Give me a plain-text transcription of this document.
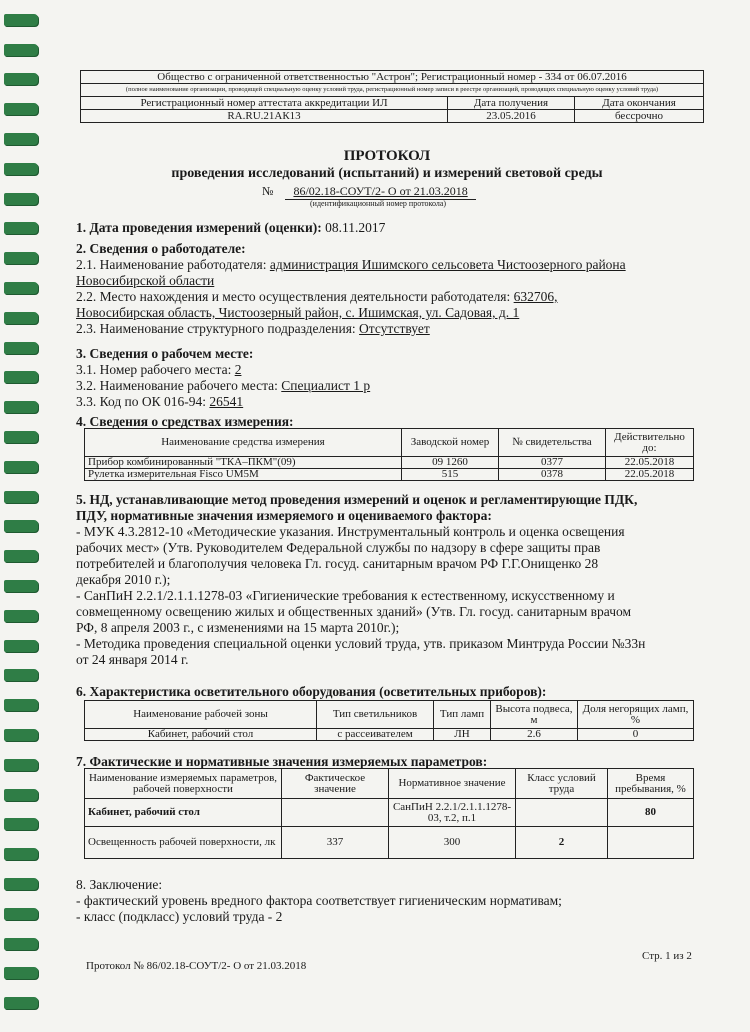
Общество с ограниченной ответственностью "Астрон"; Регистрационный номер - 334 от 06.07.2016		
(полное наименование организации, проводящей специальную оценку условий труда, регистрационный номер записи в реестре организаций, проводящих специальную оценку условий труда)		
Регистрационный номер аттестата аккредитации ИЛ	Дата получения	Дата окончания
RA.RU.21АК13	23.05.2016	бессрочно
ПРОТОКОЛ
проведения исследований (испытаний) и измерений световой среды
№ 86/02.18-СОУТ/2- О от 21.03.2018
(идентификационный номер протокола)
1. Дата проведения измерений (оценки): 08.11.2017
2. Сведения о работодателе:
2.1. Наименование работодателя: администрация Ишимского сельсовета Чистоозерного района
Новосибирской области
2.2. Место нахождения и место осуществления деятельности работодателя: 632706,
Новосибирская область, Чистоозерный район, с. Ишимская, ул. Садовая, д. 1
2.3. Наименование структурного подразделения: Отсутствует
3. Сведения о рабочем месте:
3.1. Номер рабочего места: 2
3.2. Наименование рабочего места: Специалист 1 р
3.3. Код по ОК 016-94: 26541
4. Сведения о средствах измерения:
Наименование средства измерения	Заводской номер	№ свидетельства	Действительно до:
Прибор комбинированный "ТКА–ПКМ"(09)	09 1260	0377	22.05.2018
Рулетка измерительная Fisco UM5M	515	0378	22.05.2018
5. НД, устанавливающие метод проведения измерений и оценок и регламентирующие ПДК,
ПДУ, нормативные значения измеряемого и оцениваемого фактора:
- МУК 4.3.2812-10 «Методические указания. Инструментальный контроль и оценка освещения
рабочих мест» (Утв. Руководителем Федеральной службы по надзору в сфере защиты прав
потребителей и благополучия человека Гл. госуд. санитарным врачом РФ Г.Г.Онищенко 28
декабря 2010 г.);
- СанПиН 2.2.1/2.1.1.1278-03 «Гигиенические требования к естественному, искусственному и
совмещенному освещению жилых и общественных зданий» (Утв. Гл. госуд. санитарным врачом
РФ, 8 апреля 2003 г., с изменениями на 15 марта 2010г.);
- Методика проведения специальной оценки условий труда, утв. приказом Минтруда России №33н
от 24 января 2014 г.
6. Характеристика осветительного оборудования (осветительных приборов):
Наименование рабочей зоны	Тип светильников	Тип ламп	Высота подвеса, м	Доля негорящих ламп, %
Кабинет, рабочий стол	с рассеивателем	ЛН	2.6	0
7. Фактические и нормативные значения измеряемых параметров:
Наименование измеряемых параметров, рабочей поверхности	Фактическое значение	Нормативное значение	Класс условий труда	Время пребывания, %
Кабинет, рабочий стол		СанПиН 2.2.1/2.1.1.1278-03, т.2, п.1		80
Освещенность рабочей поверхности, лк	337	300	2	
8. Заключение:
- фактический уровень вредного фактора соответствует гигиеническим нормативам;
- класс (подкласс) условий труда - 2
Протокол № 86/02.18-СОУТ/2- О от 21.03.2018
Стр. 1 из 2
